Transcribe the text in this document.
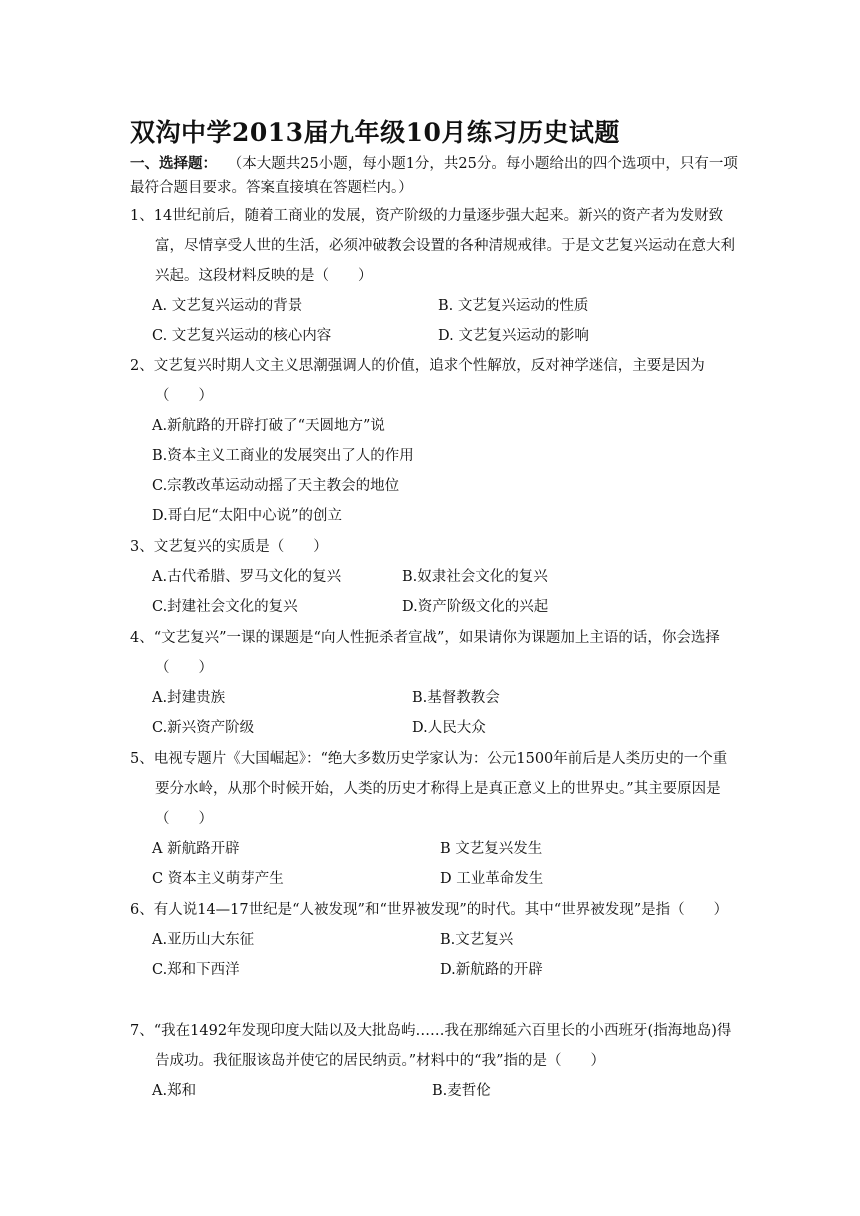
双沟中学2013届九年级10月练习历史试题
一、选择题： （本大题共25小题，每小题1分，共25分。每小题给出的四个选项中，只有一项最符合题目要求。答案直接填在答题栏内。）
1、14世纪前后，随着工商业的发展，资产阶级的力量逐步强大起来。新兴的资产者为发财致富，尽情享受人世的生活，必须冲破教会设置的各种清规戒律。于是文艺复兴运动在意大利兴起。这段材料反映的是（　　）
A. 文艺复兴运动的背景	B. 文艺复兴运动的性质
C. 文艺复兴运动的核心内容	D. 文艺复兴运动的影响
2、文艺复兴时期人文主义思潮强调人的价值，追求个性解放，反对神学迷信，主要是因为（　　）
A.新航路的开辟打破了“天圆地方”说
B.资本主义工商业的发展突出了人的作用
C.宗教改革运动动摇了天主教会的地位
D.哥白尼“太阳中心说”的创立
3、文艺复兴的实质是（　　）
A.古代希腊、罗马文化的复兴	B.奴隶社会文化的复兴
C.封建社会文化的复兴	D.资产阶级文化的兴起
4、“文艺复兴”一课的课题是“向人性扼杀者宣战”，如果请你为课题加上主语的话，你会选择（　　）
A.封建贵族	B.基督教教会
C.新兴资产阶级	D.人民大众
5、电视专题片《大国崛起》：“绝大多数历史学家认为：公元1500年前后是人类历史的一个重要分水岭，从那个时候开始，人类的历史才称得上是真正意义上的世界史。”其主要原因是（　　）
A 新航路开辟	B 文艺复兴发生
C 资本主义萌芽产生	D 工业革命发生
6、有人说14—17世纪是“人被发现”和“世界被发现”的时代。其中“世界被发现”是指（　　）
A.亚历山大东征	B.文艺复兴
C.郑和下西洋	D.新航路的开辟
7、“我在1492年发现印度大陆以及大批岛屿……我在那绵延六百里长的小西班牙(指海地岛)得告成功。我征服该岛并使它的居民纳贡。”材料中的“我”指的是（　　）
A.郑和	B.麦哲伦
